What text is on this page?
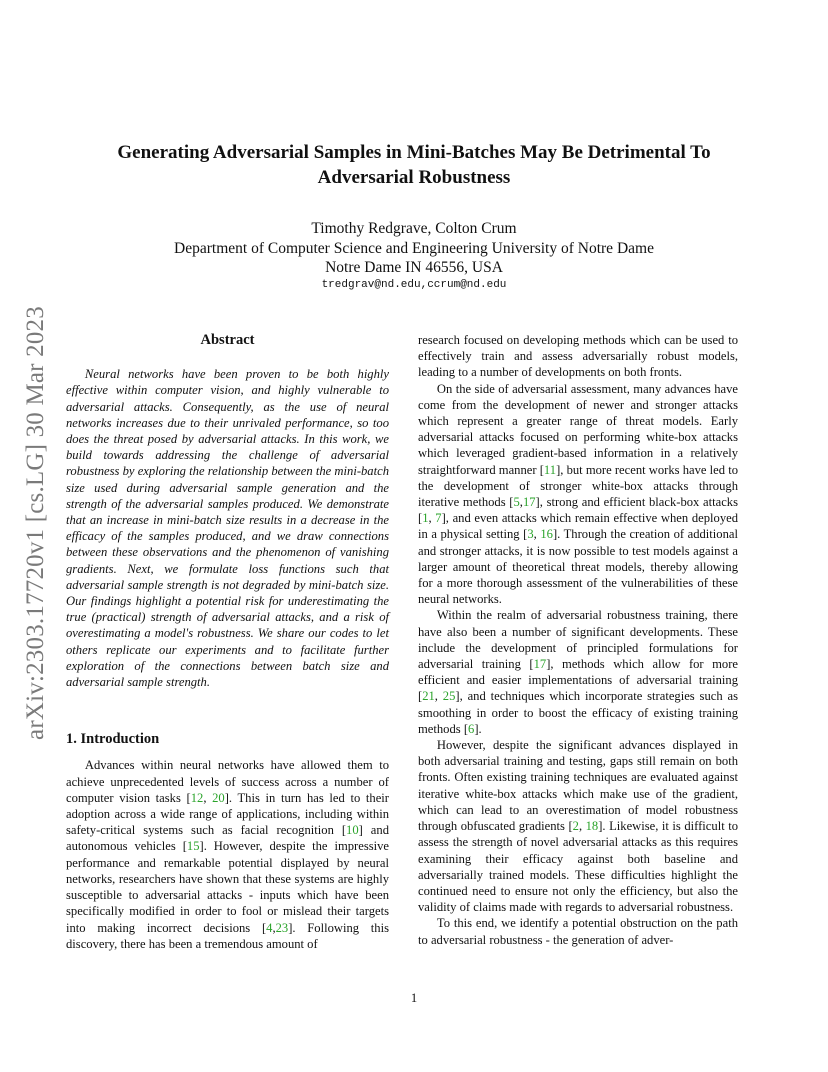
arXiv:2303.17720v1 [cs.LG] 30 Mar 2023
Generating Adversarial Samples in Mini-Batches May Be Detrimental To
Adversarial Robustness
Timothy Redgrave, Colton Crum
Department of Computer Science and Engineering University of Notre Dame
Notre Dame IN 46556, USA
tredgrav@nd.edu,ccrum@nd.edu
Abstract

Neural networks have been proven to be both highly effective within computer vision, and highly vulnerable to adversarial attacks. Consequently, as the use of neural networks increases due to their unrivaled performance, so too does the threat posed by adversarial attacks. In this work, we build towards addressing the challenge of adversarial robustness by exploring the relationship between the mini-batch size used during adversarial sample generation and the strength of the adversarial samples produced. We demonstrate that an increase in mini-batch size results in a decrease in the efficacy of the samples produced, and we draw connections between these observations and the phenomenon of vanishing gradients. Next, we formulate loss functions such that adversarial sample strength is not degraded by mini-batch size. Our findings highlight a potential risk for underestimating the true (practical) strength of adversarial attacks, and a risk of overestimating a model's robustness. We share our codes to let others replicate our experiments and to facilitate further exploration of the connections between batch size and adversarial sample strength.

1. Introduction

Advances within neural networks have allowed them to achieve unprecedented levels of success across a number of computer vision tasks [12, 20]. This in turn has led to their adoption across a wide range of applications, including within safety-critical systems such as facial recognition [10] and autonomous vehicles [15]. However, despite the impressive performance and remarkable potential displayed by neural networks, researchers have shown that these systems are highly susceptible to adversarial attacks - inputs which have been specifically modified in order to fool or mislead their targets into making incorrect decisions [4,23]. Following this discovery, there has been a tremendous amount of

research focused on developing methods which can be used to effectively train and assess adversarially robust models, leading to a number of developments on both fronts.

On the side of adversarial assessment, many advances have come from the development of newer and stronger attacks which represent a greater range of threat models. Early adversarial attacks focused on performing white-box attacks which leveraged gradient-based information in a relatively straightforward manner [11], but more recent works have led to the development of stronger white-box attacks through iterative methods [5,17], strong and efficient black-box attacks [1, 7], and even attacks which remain effective when deployed in a physical setting [3, 16]. Through the creation of additional and stronger attacks, it is now possible to test models against a larger amount of theoretical threat models, thereby allowing for a more thorough assessment of the vulnerabilities of these neural networks.

Within the realm of adversarial robustness training, there have also been a number of significant developments. These include the development of principled formulations for adversarial training [17], methods which allow for more efficient and easier implementations of adversarial training [21, 25], and techniques which incorporate strategies such as smoothing in order to boost the efficacy of existing training methods [6].

However, despite the significant advances displayed in both adversarial training and testing, gaps still remain on both fronts. Often existing training techniques are evaluated against iterative white-box attacks which make use of the gradient, which can lead to an overestimation of model robustness through obfuscated gradients [2, 18]. Likewise, it is difficult to assess the strength of novel adversarial attacks as this requires examining their efficacy against both baseline and adversarially trained models. These difficulties highlight the continued need to ensure not only the efficiency, but also the validity of claims made with regards to adversarial robustness.

To this end, we identify a potential obstruction on the path to adversarial robustness - the generation of adver-

1
